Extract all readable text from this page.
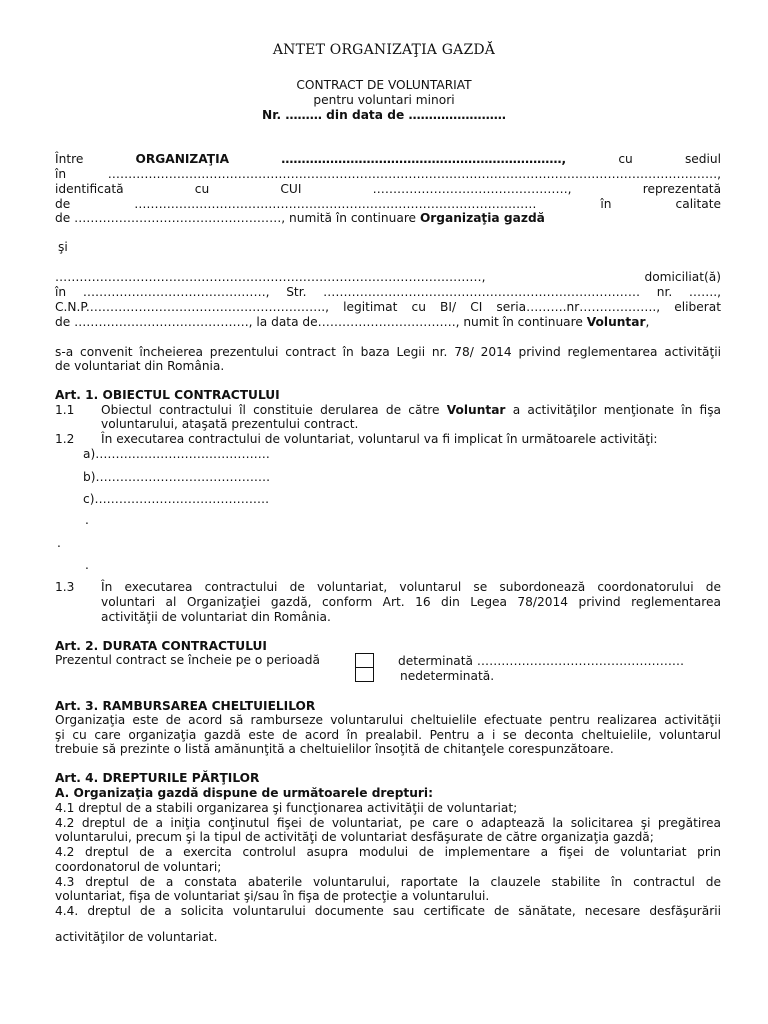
ANTET ORGANIZAŢIA GAZDĂ
CONTRACT DE VOLUNTARIAT
pentru voluntari minori
Nr. ……… din data de ……………………
Între	ORGANIZAŢIA	……………………………………………………………,	cu	sediul
în	……………………………………………………………………………………………………………………………………,
identificată	cu	CUI	…………………………………………,	reprezentată
de	………………………………………………………………………………………	în	calitate
de ……………………………………………, numită în continuare Organizaţia gazdă
şi
……………………………………………………………………………………………,	domiciliat(ă)
în ………………………………………, Str. …………………………………………………………………… nr. …….,
C.N.P.…………………………………………………., legitimat cu BI/ CI seria……….nr………………., eliberat
de ……………………………………., la data de……………………………., numit în continuare Voluntar,
s-a convenit încheierea prezentului contract în baza Legii nr. 78/ 2014 privind reglementarea activităţii
de voluntariat din România.
Art. 1. OBIECTUL CONTRACTULUI
1.1 Obiectul contractului îl constituie derularea de către Voluntar a activităţilor menţionate în fişa
voluntarului, ataşată prezentului contract.
1.2 În executarea contractului de voluntariat, voluntarul va fi implicat în următoarele activităţi:
a)…………………………………….
b)…………………………………….
c)…………………………………….
.
.
.
1.3 În executarea contractului de voluntariat, voluntarul se subordonează coordonatorului de
voluntari al Organizaţiei gazdă, conform Art. 16 din Legea 78/2014 privind reglementarea
activităţii de voluntariat din România.
Art. 2. DURATA CONTRACTULUI
Prezentul contract se încheie pe o perioadă	determinată ……………………………………………
nedeterminată.
Art. 3. RAMBURSAREA CHELTUIELILOR
Organizaţia este de acord să ramburseze voluntarului cheltuielile efectuate pentru realizarea activităţii
şi cu care organizaţia gazdă este de acord în prealabil. Pentru a i se deconta cheltuielile, voluntarul
trebuie să prezinte o listă amănunţită a cheltuielilor însoţită de chitanţele corespunzătoare.
Art. 4. DREPTURILE PĂRŢILOR
A. Organizaţia gazdă dispune de următoarele drepturi:
4.1 dreptul de a stabili organizarea şi funcţionarea activităţii de voluntariat;
4.2 dreptul de a iniţia conţinutul fişei de voluntariat, pe care o adaptează la solicitarea şi pregătirea
voluntarului, precum şi la tipul de activităţi de voluntariat desfăşurate de către organizaţia gazdă;
4.2 dreptul de a exercita controlul asupra modului de implementare a fişei de voluntariat prin
coordonatorul de voluntari;
4.3 dreptul de a constata abaterile voluntarului, raportate la clauzele stabilite în contractul de
voluntariat, fişa de voluntariat şi/sau în fişa de protecţie a voluntarului.
4.4. dreptul de a solicita voluntarului documente sau certificate de sănătate, necesare desfăşurării
activităţilor de voluntariat.
